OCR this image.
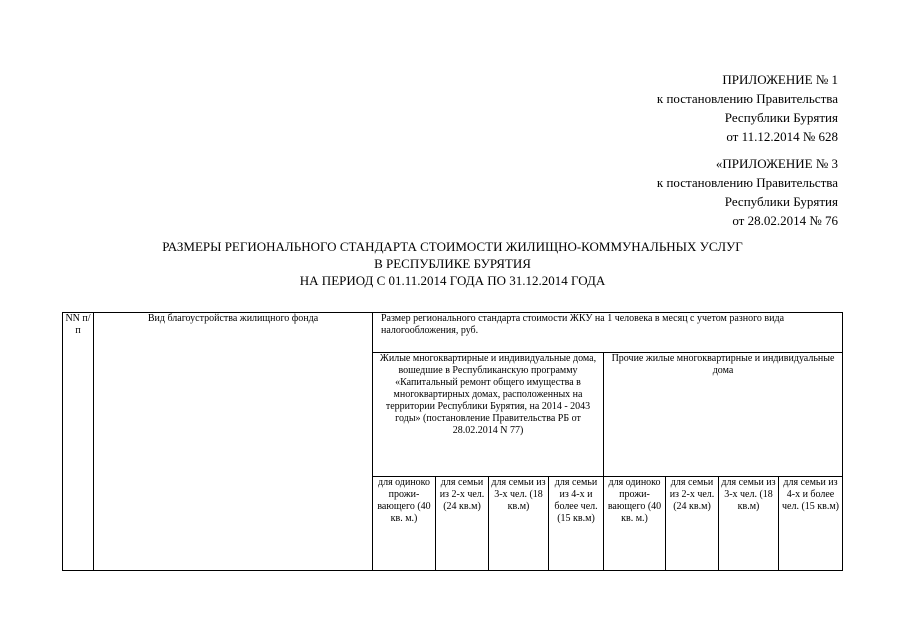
ПРИЛОЖЕНИЕ № 1
к постановлению Правительства
Республики Бурятия
от 11.12.2014 № 628
«ПРИЛОЖЕНИЕ № 3
к постановлению Правительства
Республики Бурятия
от 28.02.2014 № 76
РАЗМЕРЫ РЕГИОНАЛЬНОГО СТАНДАРТА СТОИМОСТИ ЖИЛИЩНО-КОММУНАЛЬНЫХ УСЛУГ
В РЕСПУБЛИКЕ БУРЯТИЯ
НА ПЕРИОД С 01.11.2014 ГОДА ПО 31.12.2014 ГОДА
NN п/п	Вид благоустройства жилищного фонда	Размер регионального стандарта стоимости ЖКУ на 1 человека в месяц с учетом разного вида налогообложения, руб.							
		Жилые многоквартирные и индивидуальные дома, вошедшие в Республиканскую программу «Капитальный ремонт общего имущества в многоквартирных домах, расположенных на территории Республики Бурятия, на 2014 - 2043 годы» (постановление Правительства РБ от 28.02.2014 N 77)				Прочие жилые многоквартирные и индивидуальные дома			
		для одиноко прожи-вающего (40 кв. м.)	для семьи из 2-х чел. (24 кв.м)	для семьи из 3-х чел. (18 кв.м)	для семьи из 4-х и более чел. (15 кв.м)	для одиноко прожи-вающего (40 кв. м.)	для семьи из 2-х чел. (24 кв.м)	для семьи из 3-х чел. (18 кв.м)	для семьи из 4-х и более чел. (15 кв.м)
